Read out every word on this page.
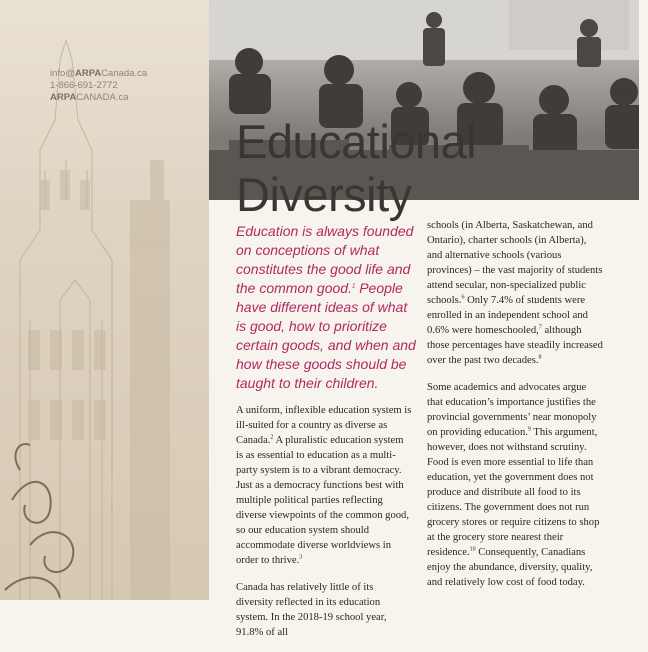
info@ARPACanada.ca
1-866-691-2772
ARPACANADA.ca
Educational
Diversity
Education is always founded
on conceptions of what
constitutes the good life and
the common good.$^1$ People
have different ideas of what
is good, how to prioritize
certain goods, and when and
how these goods should be
taught to their children.

A uniform, inflexible education system is ill-suited for a country as diverse as Canada.$^2$ A pluralistic education system is as essential to education as a multi-party system is to a vibrant democracy. Just as a democracy functions best with multiple political parties reflecting diverse viewpoints of the common good, so our education system should accommodate diverse worldviews in order to thrive.$^3$

Canada has relatively little of its diversity reflected in its education system. In the 2018-19 school year, 91.8% of all

schools (in Alberta, Saskatchewan, and Ontario), charter schools (in Alberta), and alternative schools (various provinces) – the vast majority of students attend secular, non-specialized public schools.$^6$ Only 7.4% of students were enrolled in an independent school and 0.6% were homeschooled,$^7$ although those percentages have steadily increased over the past two decades.$^8$

Some academics and advocates argue that education’s importance justifies the provincial governments’ near monopoly on providing education.$^9$ This argument, however, does not withstand scrutiny. Food is even more essential to life than education, yet the government does not produce and distribute all food to its citizens. The government does not run grocery stores or require citizens to shop at the grocery store nearest their residence.$^{10}$ Consequently, Canadians enjoy the abundance, diversity, quality, and relatively low cost of food today.
